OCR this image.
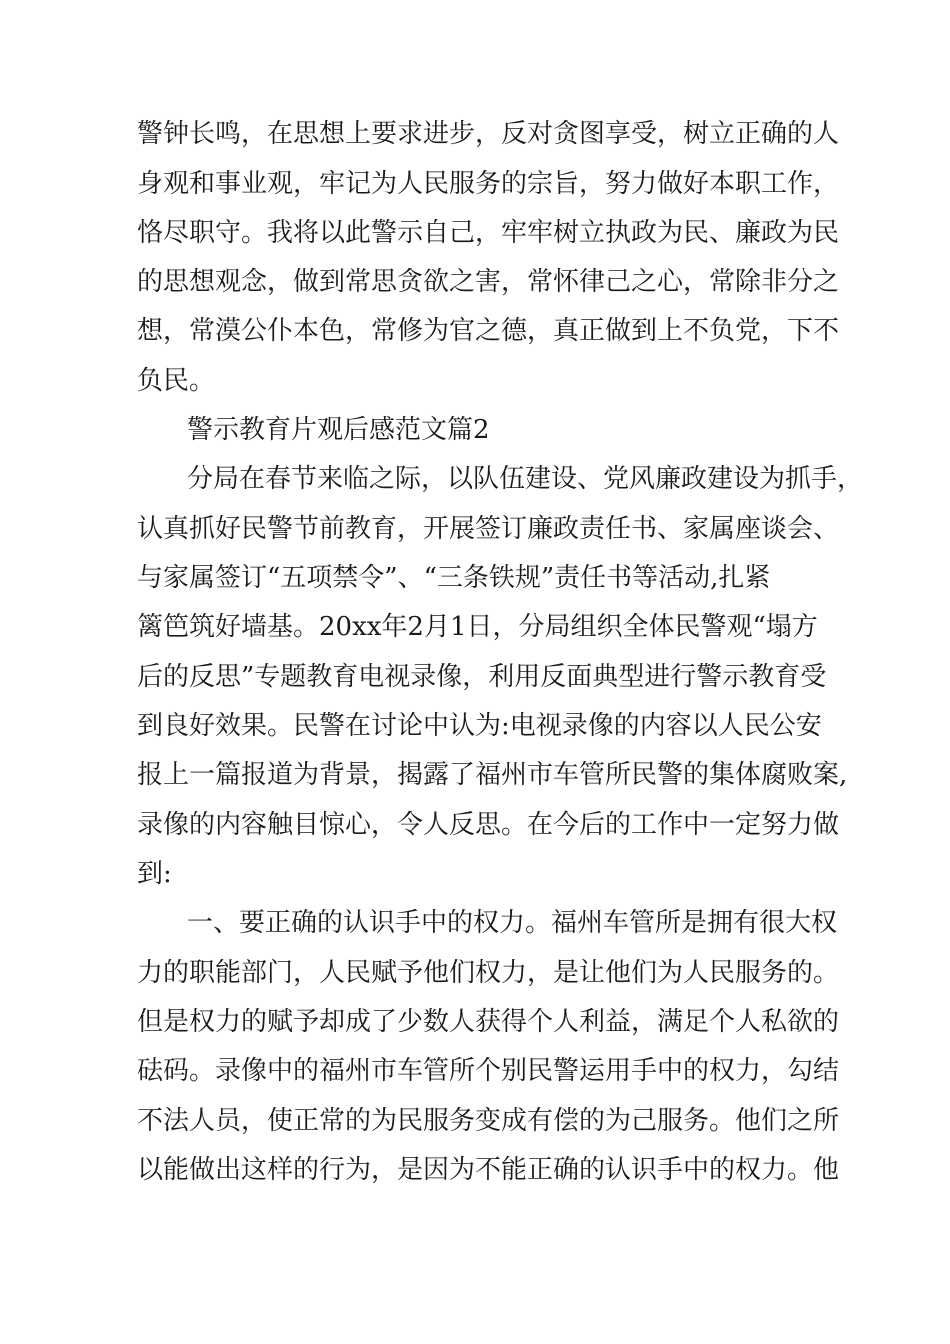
警钟长鸣，在思想上要求进步，反对贪图享受，树立正确的人
身观和事业观，牢记为人民服务的宗旨，努力做好本职工作，
恪尽职守。我将以此警示自己，牢牢树立执政为民、廉政为民
的思想观念，做到常思贪欲之害，常怀律己之心，常除非分之
想，常漠公仆本色，常修为官之德，真正做到上不负党，下不
负民。
警示教育片观后感范文篇2
分局在春节来临之际，以队伍建设、党风廉政建设为抓手，
认真抓好民警节前教育，开展签订廉政责任书、家属座谈会、
与家属签订“五项禁令”、“三条铁规”责任书等活动,扎紧
篱笆筑好墙基。20xx年2月1日，分局组织全体民警观“塌方
后的反思”专题教育电视录像，利用反面典型进行警示教育受
到良好效果。民警在讨论中认为:电视录像的内容以人民公安
报上一篇报道为背景，揭露了福州市车管所民警的集体腐败案,
录像的内容触目惊心，令人反思。在今后的工作中一定努力做
到:
一、要正确的认识手中的权力。福州车管所是拥有很大权
力的职能部门，人民赋予他们权力，是让他们为人民服务的。
但是权力的赋予却成了少数人获得个人利益，满足个人私欲的
砝码。录像中的福州市车管所个别民警运用手中的权力，勾结
不法人员，使正常的为民服务变成有偿的为己服务。他们之所
以能做出这样的行为，是因为不能正确的认识手中的权力。他
